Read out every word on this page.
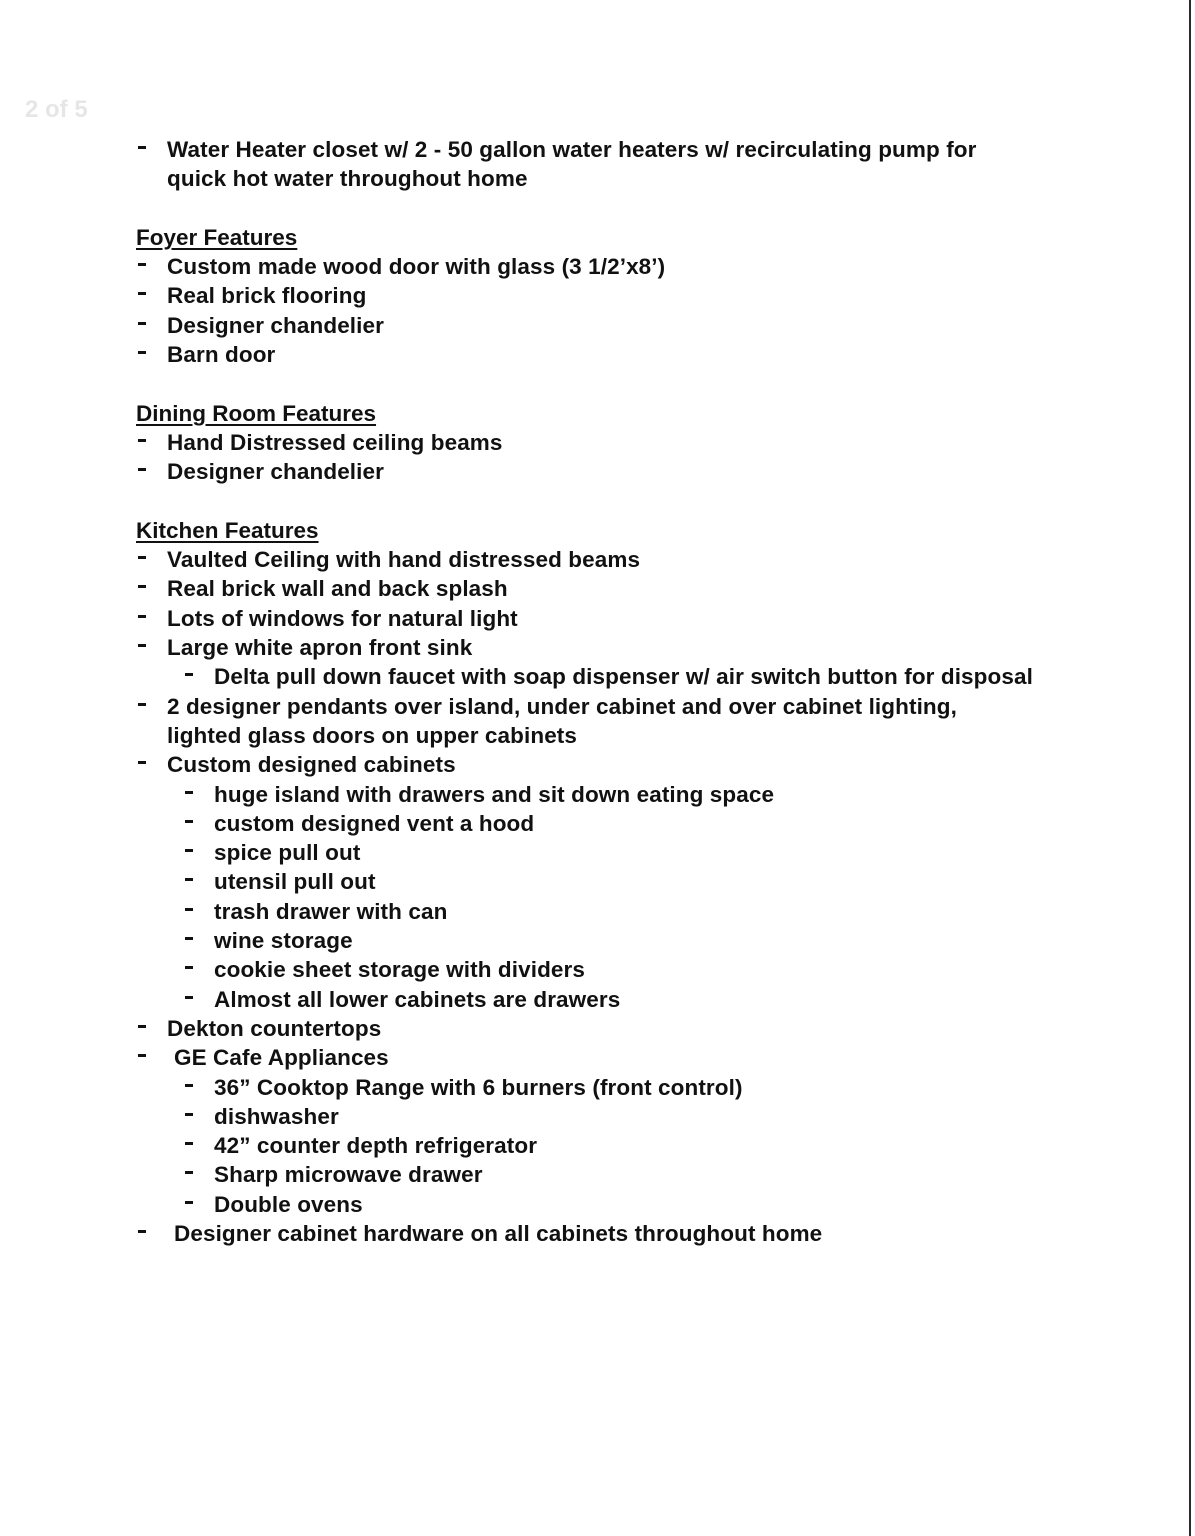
2 of 5
Water Heater closet w/ 2 - 50 gallon water heaters w/ recirculating pump for quick hot water throughout home
Foyer Features
Custom made wood door with glass (3 1/2’x8’)
Real brick flooring
Designer chandelier
Barn door
Dining Room Features
Hand Distressed ceiling beams
Designer chandelier
Kitchen Features
Vaulted Ceiling with hand distressed beams
Real brick wall and back splash
Lots of windows for natural light
Large white apron front sink
Delta pull down faucet with soap dispenser w/ air switch button for disposal
2 designer pendants over island, under cabinet and over cabinet lighting, lighted glass doors on upper cabinets
Custom designed cabinets
huge island with drawers and sit down eating space
custom designed vent a hood
spice pull out
utensil pull out
trash drawer with can
wine storage
cookie sheet storage with dividers
Almost all lower cabinets are drawers
Dekton countertops
GE Cafe Appliances
36” Cooktop Range with 6 burners (front control)
dishwasher
42” counter depth refrigerator
Sharp microwave drawer
Double ovens
Designer cabinet hardware on all cabinets throughout home
